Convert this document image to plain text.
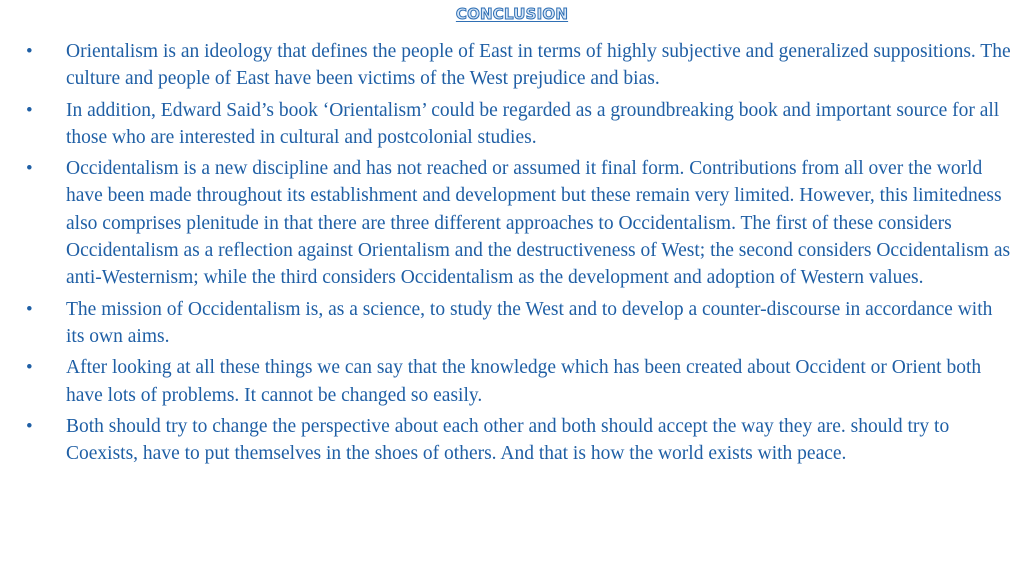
CONCLUSION
•	Orientalism is an ideology that defines the people of East in terms of highly subjective and generalized suppositions. The culture and people of East have been victims of the West prejudice and bias.
•	In addition, Edward Said’s book ‘Orientalism’ could be regarded as a groundbreaking book and important source for all those who are interested in cultural and postcolonial studies.
•	Occidentalism is a new discipline and has not reached or assumed it final form. Contributions from all over the world have been made throughout its establishment and development but these remain very limited. However, this limitedness also comprises plenitude in that there are three different approaches to Occidentalism. The first of these considers Occidentalism as a reflection against Orientalism and the destructiveness of West; the second considers Occidentalism as anti-Westernism; while the third considers Occidentalism as the development and adoption of Western values.
•	The mission of Occidentalism is, as a science, to study the West and to develop a counter-discourse in accordance with its own aims.
•	After looking at all these things we can say that the knowledge which has been created about Occident or Orient both have lots of problems. It cannot be changed so easily.
•	Both should try to change the perspective about each other and both should accept the way they are. should try to Coexists, have to put themselves in the shoes of others. And that is how the world exists with peace.
